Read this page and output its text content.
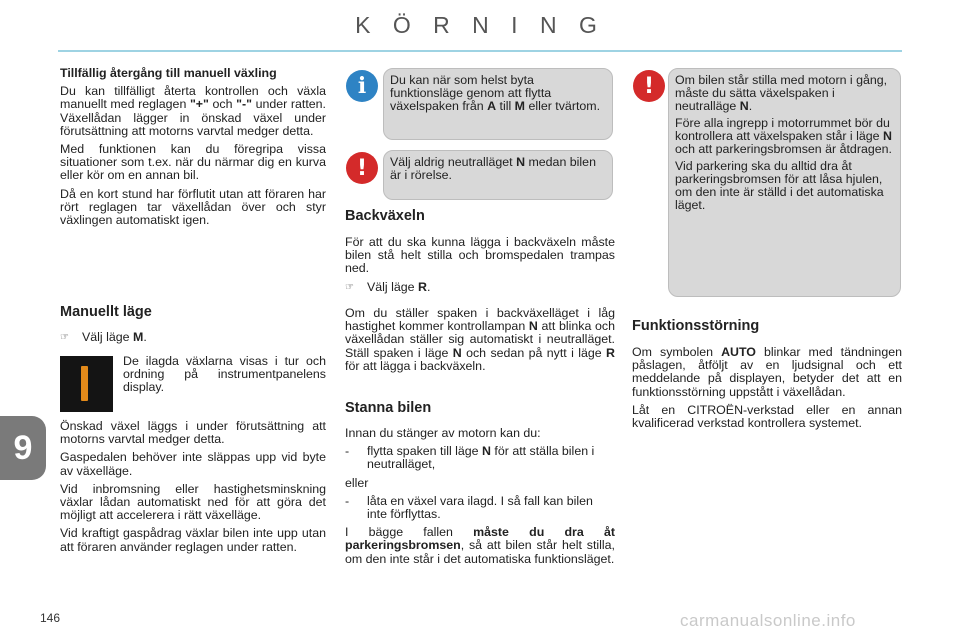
K Ö R N I N G
Tillfällig återgång till manuell växling

Du kan tillfälligt återta kontrollen och växla manuellt med reglagen "+" och "-" under ratten. Växellådan lägger in önskad växel under förutsättning att motorns varvtal medger detta.

Med funktionen kan du föregripa vissa situationer som t.ex. när du närmar dig en kurva eller kör om en annan bil.

Då en kort stund har förflutit utan att föraren har rört reglagen tar växellådan över och styr växlingen automatiskt igen.

Manuellt läge
☞	Välj läge M.

De ilagda växlarna visas i tur och ordning på instrumentpanelens display.

Önskad växel läggs i under förutsättning att motorns varvtal medger detta.

Gaspedalen behöver inte släppas upp vid byte av växelläge.

Vid inbromsning eller hastighetsminskning växlar lådan automatiskt ned för att göra det möjligt att accelerera i rätt växelläge.

Vid kraftigt gaspådrag växlar bilen inte upp utan att föraren använder reglagen under ratten.

i	Du kan när som helst byta funktionsläge genom att flytta växelspaken från A till M eller tvärtom.

!	Välj aldrig neutralläget N medan bilen är i rörelse.

Backväxeln

För att du ska kunna lägga i backväxeln måste bilen stå helt stilla och bromspedalen trampas ned.

☞	Välj läge R.

Om du ställer spaken i backväxelläget i låg hastighet kommer kontrollampan N att blinka och växellådan ställer sig automatiskt i neutralläget. Ställ spaken i läge N och sedan på nytt i läge R för att lägga i backväxeln.

Stanna bilen

Innan du stänger av motorn kan du:

-	flytta spaken till läge N för att ställa bilen i neutralläget,

eller

-	låta en växel vara ilagd. I så fall kan bilen inte förflyttas.

I bägge fallen måste du dra åt parkeringsbromsen, så att bilen står helt stilla, om den inte står i det automatiska funktionsläget.

!	Om bilen står stilla med motorn i gång, måste du sätta växelspaken i neutralläge N.

Före alla ingrepp i motorrummet bör du kontrollera att växelspaken står i läge N och att parkeringsbromsen är åtdragen.

Vid parkering ska du alltid dra åt parkeringsbromsen för att låsa hjulen, om den inte är ställd i det automatiska läget.

Funktionsstörning

Om symbolen AUTO blinkar med tändningen påslagen, åtföljt av en ljudsignal och ett meddelande på displayen, betyder det att en funktionsstörning uppstått i växellådan.

Låt en CITROËN-verkstad eller en annan kvalificerad verkstad kontrollera systemet.

9
146	carmanualsonline.info
